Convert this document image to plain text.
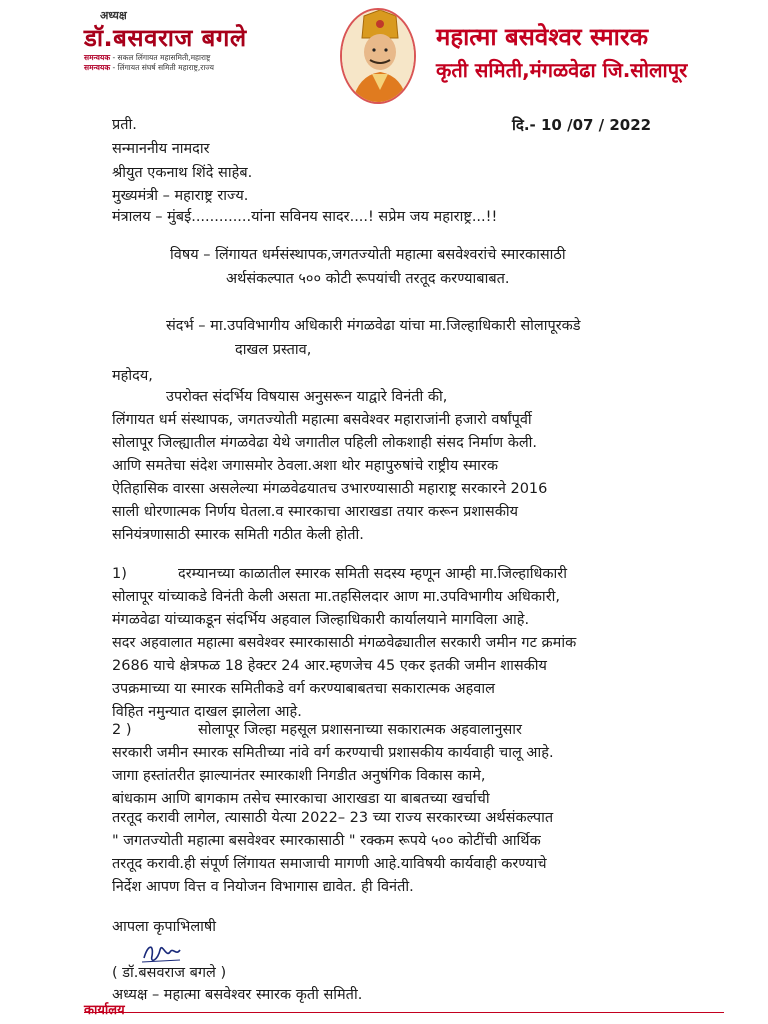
अध्यक्ष
डॉ.बसवराज बगले
समन्वयक - सकल लिंगायत महासमिती,महाराष्ट्र
समन्वयक - लिंगायत संघर्ष समिती महाराष्ट्र,राज्य
महात्मा बसवेश्वर स्मारक
कृती समिती,मंगळवेढा जि.सोलापूर
प्रती.	दि.- 10 /07 / 2022
सन्माननीय नामदार
श्रीयुत एकनाथ शिंदे साहेब.
मुख्यमंत्री – महाराष्ट्र राज्य.
मंत्रालय – मुंबई.............यांना सविनय सादर....! सप्रेम जय महाराष्ट्र...!!
विषय – लिंगायत धर्मसंस्थापक,जगतज्योती महात्मा बसवेश्वरांचे स्मारकासाठी
अर्थसंकल्पात ५०० कोटी रूपयांची तरतूद करण्याबाबत.
संदर्भ – मा.उपविभागीय अधिकारी मंगळवेढा यांचा मा.जिल्हाधिकारी सोलापूरकडे
दाखल प्रस्ताव,
महोदय,
उपरोक्त संदर्भिय विषयास अनुसरून याद्वारे विनंती की,
लिंगायत धर्म संस्थापक, जगतज्योती महात्मा बसवेश्वर महाराजांनी हजारो वर्षांपूर्वी
सोलापूर जिल्ह्यातील मंगळवेढा येथे जगातील पहिली लोकशाही संसद निर्माण केली.
आणि समतेचा संदेश जगासमोर ठेवला.अशा थोर महापुरुषांचे राष्ट्रीय स्मारक
ऐतिहासिक वारसा असलेल्या मंगळवेढयातच उभारण्यासाठी महाराष्ट्र सरकारने 2016
साली धोरणात्मक निर्णय घेतला.व स्मारकाचा आराखडा तयार करून प्रशासकीय
सनियंत्रणासाठी स्मारक समिती गठीत केली होती.
1)	दरम्यानच्या काळातील स्मारक समिती सदस्य म्हणून आम्ही मा.जिल्हाधिकारी
सोलापूर यांच्याकडे विनंती केली असता मा.तहसिलदार आण मा.उपविभागीय अधिकारी,
मंगळवेढा यांच्याकडून संदर्भिय अहवाल जिल्हाधिकारी कार्यालयाने मागविला आहे.
सदर अहवालात महात्मा बसवेश्वर स्मारकासाठी मंगळवेढ्यातील सरकारी जमीन गट क्रमांक
2686 याचे क्षेत्रफळ 18 हेक्टर 24 आर.म्हणजेच 45 एकर इतकी जमीन शासकीय
उपक्रमाच्या या स्मारक समितीकडे वर्ग करण्याबाबतचा सकारात्मक अहवाल
विहित नमुन्यात दाखल झालेला आहे.
2 )	सोलापूर जिल्हा महसूल प्रशासनाच्या सकारात्मक अहवालानुसार
सरकारी जमीन स्मारक समितीच्या नांवे वर्ग करण्याची प्रशासकीय कार्यवाही चालू आहे.
जागा हस्तांतरीत झाल्यानंतर स्मारकाशी निगडीत अनुषंगिक विकास कामे,
बांधकाम आणि बागकाम तसेच स्मारकाचा आराखडा या बाबतच्या खर्चाची
तरतूद करावी लागेल, त्यासाठी येत्या 2022– 23 च्या राज्य सरकारच्या अर्थसंकल्पात
" जगतज्योती महात्मा बसवेश्वर स्मारकासाठी " रक्कम रूपये ५०० कोटींची आर्थिक
तरतूद करावी.ही संपूर्ण लिंगायत समाजाची मागणी आहे.याविषयी कार्यवाही करण्याचे
निर्देश आपण वित्त व नियोजन विभागास द्यावेत. ही विनंती.
आपला कृपाभिलाषी
( डॉ.बसवराज बगले )
अध्यक्ष – महात्मा बसवेश्वर स्मारक कृती समिती.
कार्यालय
